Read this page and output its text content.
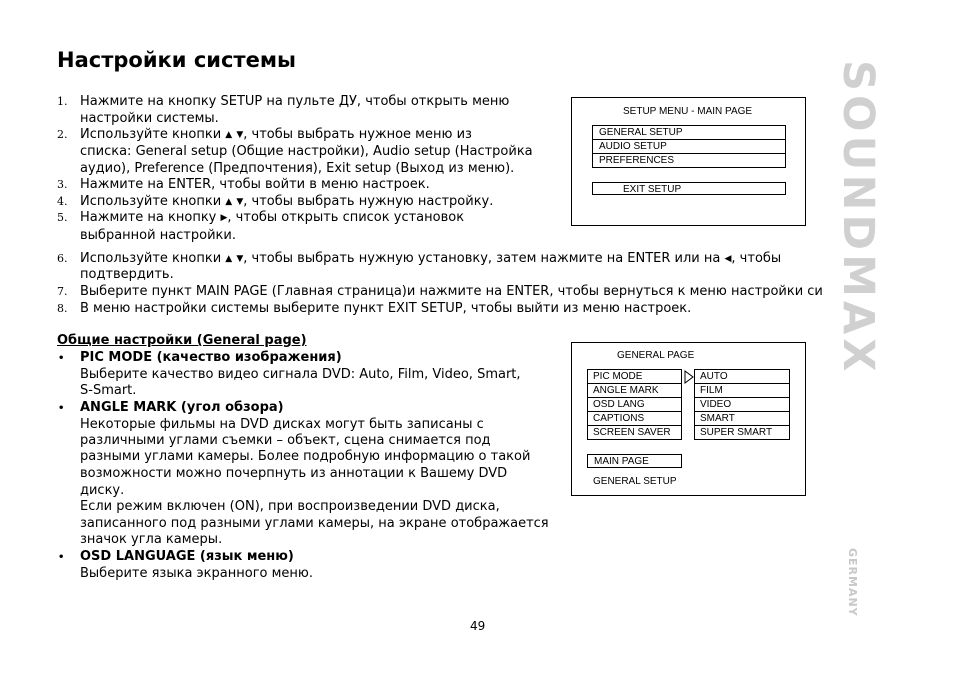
Настройки системы
1. Нажмите на кнопку SETUP на пульте ДУ, чтобы открыть меню
настройки системы.
2. Используйте кнопки ▲ ▼, чтобы выбрать нужное меню из
списка: General setup (Общие настройки), Audio setup (Настройка
аудио), Preference (Предпочтения), Exit setup (Выход из меню).
3. Нажмите на ENTER, чтобы войти в меню настроек.
4. Используйте кнопки ▲ ▼, чтобы выбрать нужную настройку.
5. Нажмите на кнопку ▶, чтобы открыть список установок
выбранной настройки.
6. Используйте кнопки ▲ ▼, чтобы выбрать нужную установку, затем нажмите на ENTER или на ◀, чтобы
подтвердить.
7. Выберите пункт MAIN PAGE (Главная страница)и нажмите на ENTER, чтобы вернуться к меню настройки си
8. В меню настройки системы выберите пункт EXIT SETUP, чтобы выйти из меню настроек.
Общие настройки (General page)
• PIC MODE (качество изображения)
Выберите качество видео сигнала DVD: Auto, Film, Video, Smart,
S-Smart.
• ANGLE MARK (угол обзора)
Некоторые фильмы на DVD дисках могут быть записаны с
различными углами съемки – объект, сцена снимается под
разными углами камеры. Более подробную информацию о такой
возможности можно почерпнуть из аннотации к Вашему DVD
диску.
Если режим включен (ON), при воспроизведении DVD диска,
записанного под разными углами камеры, на экране отображается
значок угла камеры.
• OSD LANGUAGE (язык меню)
Выберите языка экранного меню.
SETUP MENU - MAIN PAGE
GENERAL SETUP
AUDIO SETUP
PREFERENCES
EXIT SETUP
GENERAL PAGE
PIC MODE
ANGLE MARK
OSD LANG
CAPTIONS
SCREEN SAVER
AUTO
FILM
VIDEO
SMART
SUPER SMART
MAIN PAGE
GENERAL SETUP
SOUNDMAX
GERMANY
49
